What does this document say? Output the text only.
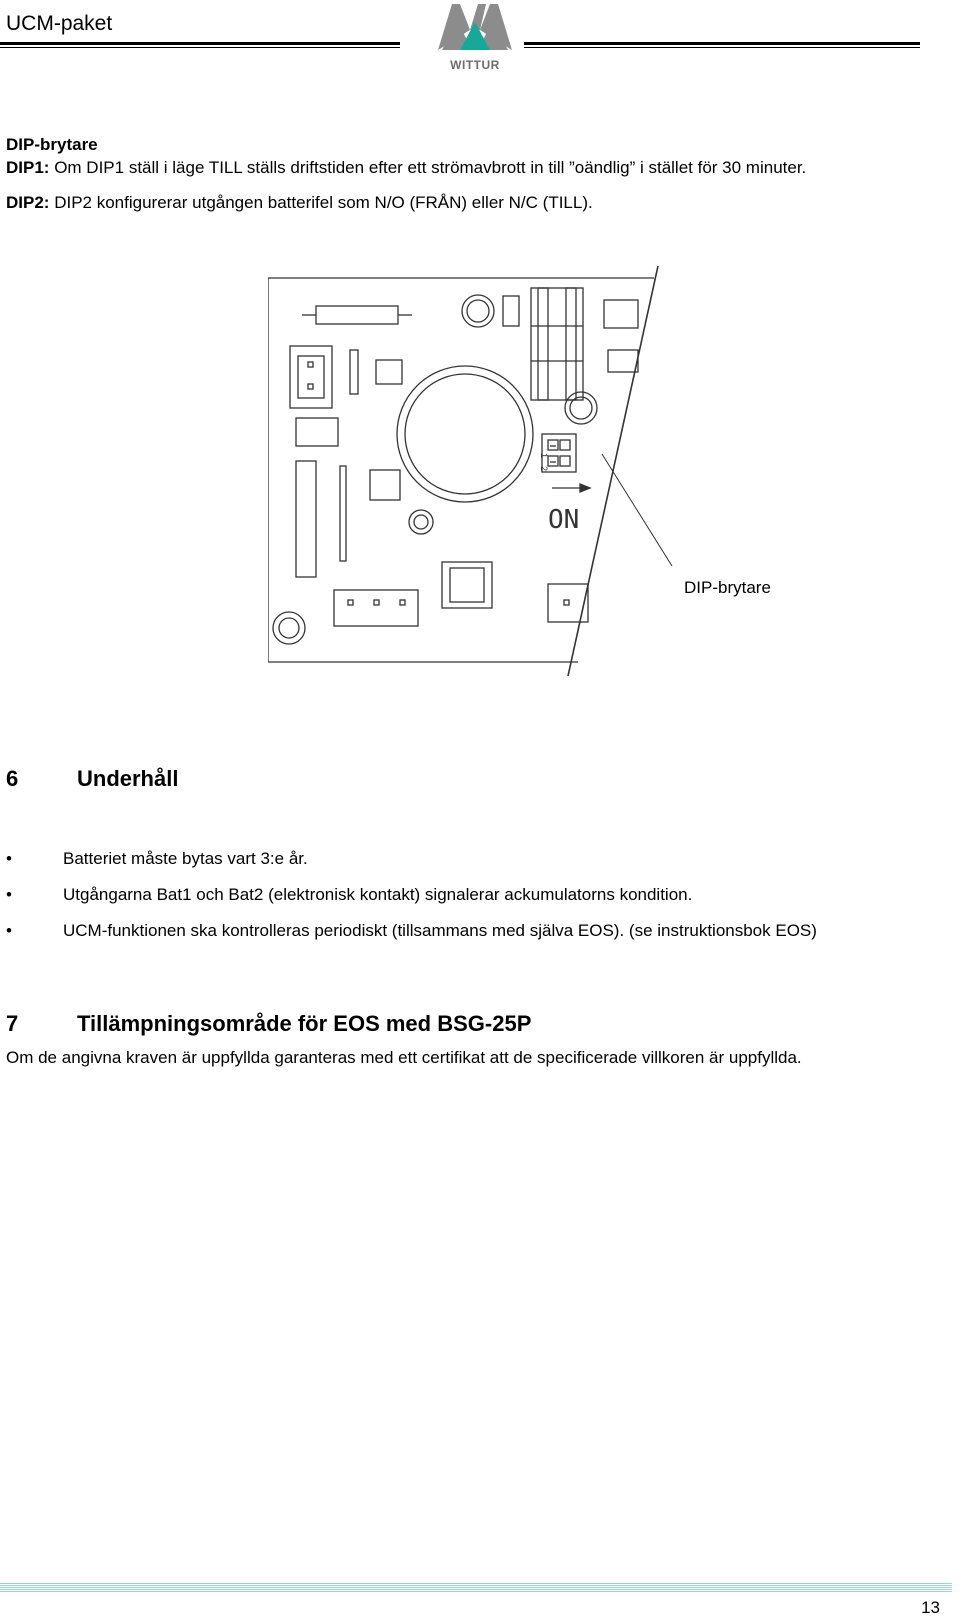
UCM-paket
WITTUR
DIP-brytare
DIP1: Om DIP1 ställ i läge TILL ställs driftstiden efter ett strömavbrott in till ”oändlig” i stället för 30 minuter.
DIP2: DIP2 konfigurerar utgången batterifel som N/O (FRÅN) eller N/C (TILL).
1
2
ON
DIP-brytare
6	Underhåll
•	Batteriet måste bytas vart 3:e år.
•	Utgångarna Bat1 och Bat2 (elektronisk kontakt) signalerar ackumulatorns kondition.
•	UCM-funktionen ska kontrolleras periodiskt (tillsammans med själva EOS). (se instruktionsbok EOS)
7	Tillämpningsområde för EOS med BSG-25P
Om de angivna kraven är uppfyllda garanteras med ett certifikat att de specificerade villkoren är uppfyllda.
13
